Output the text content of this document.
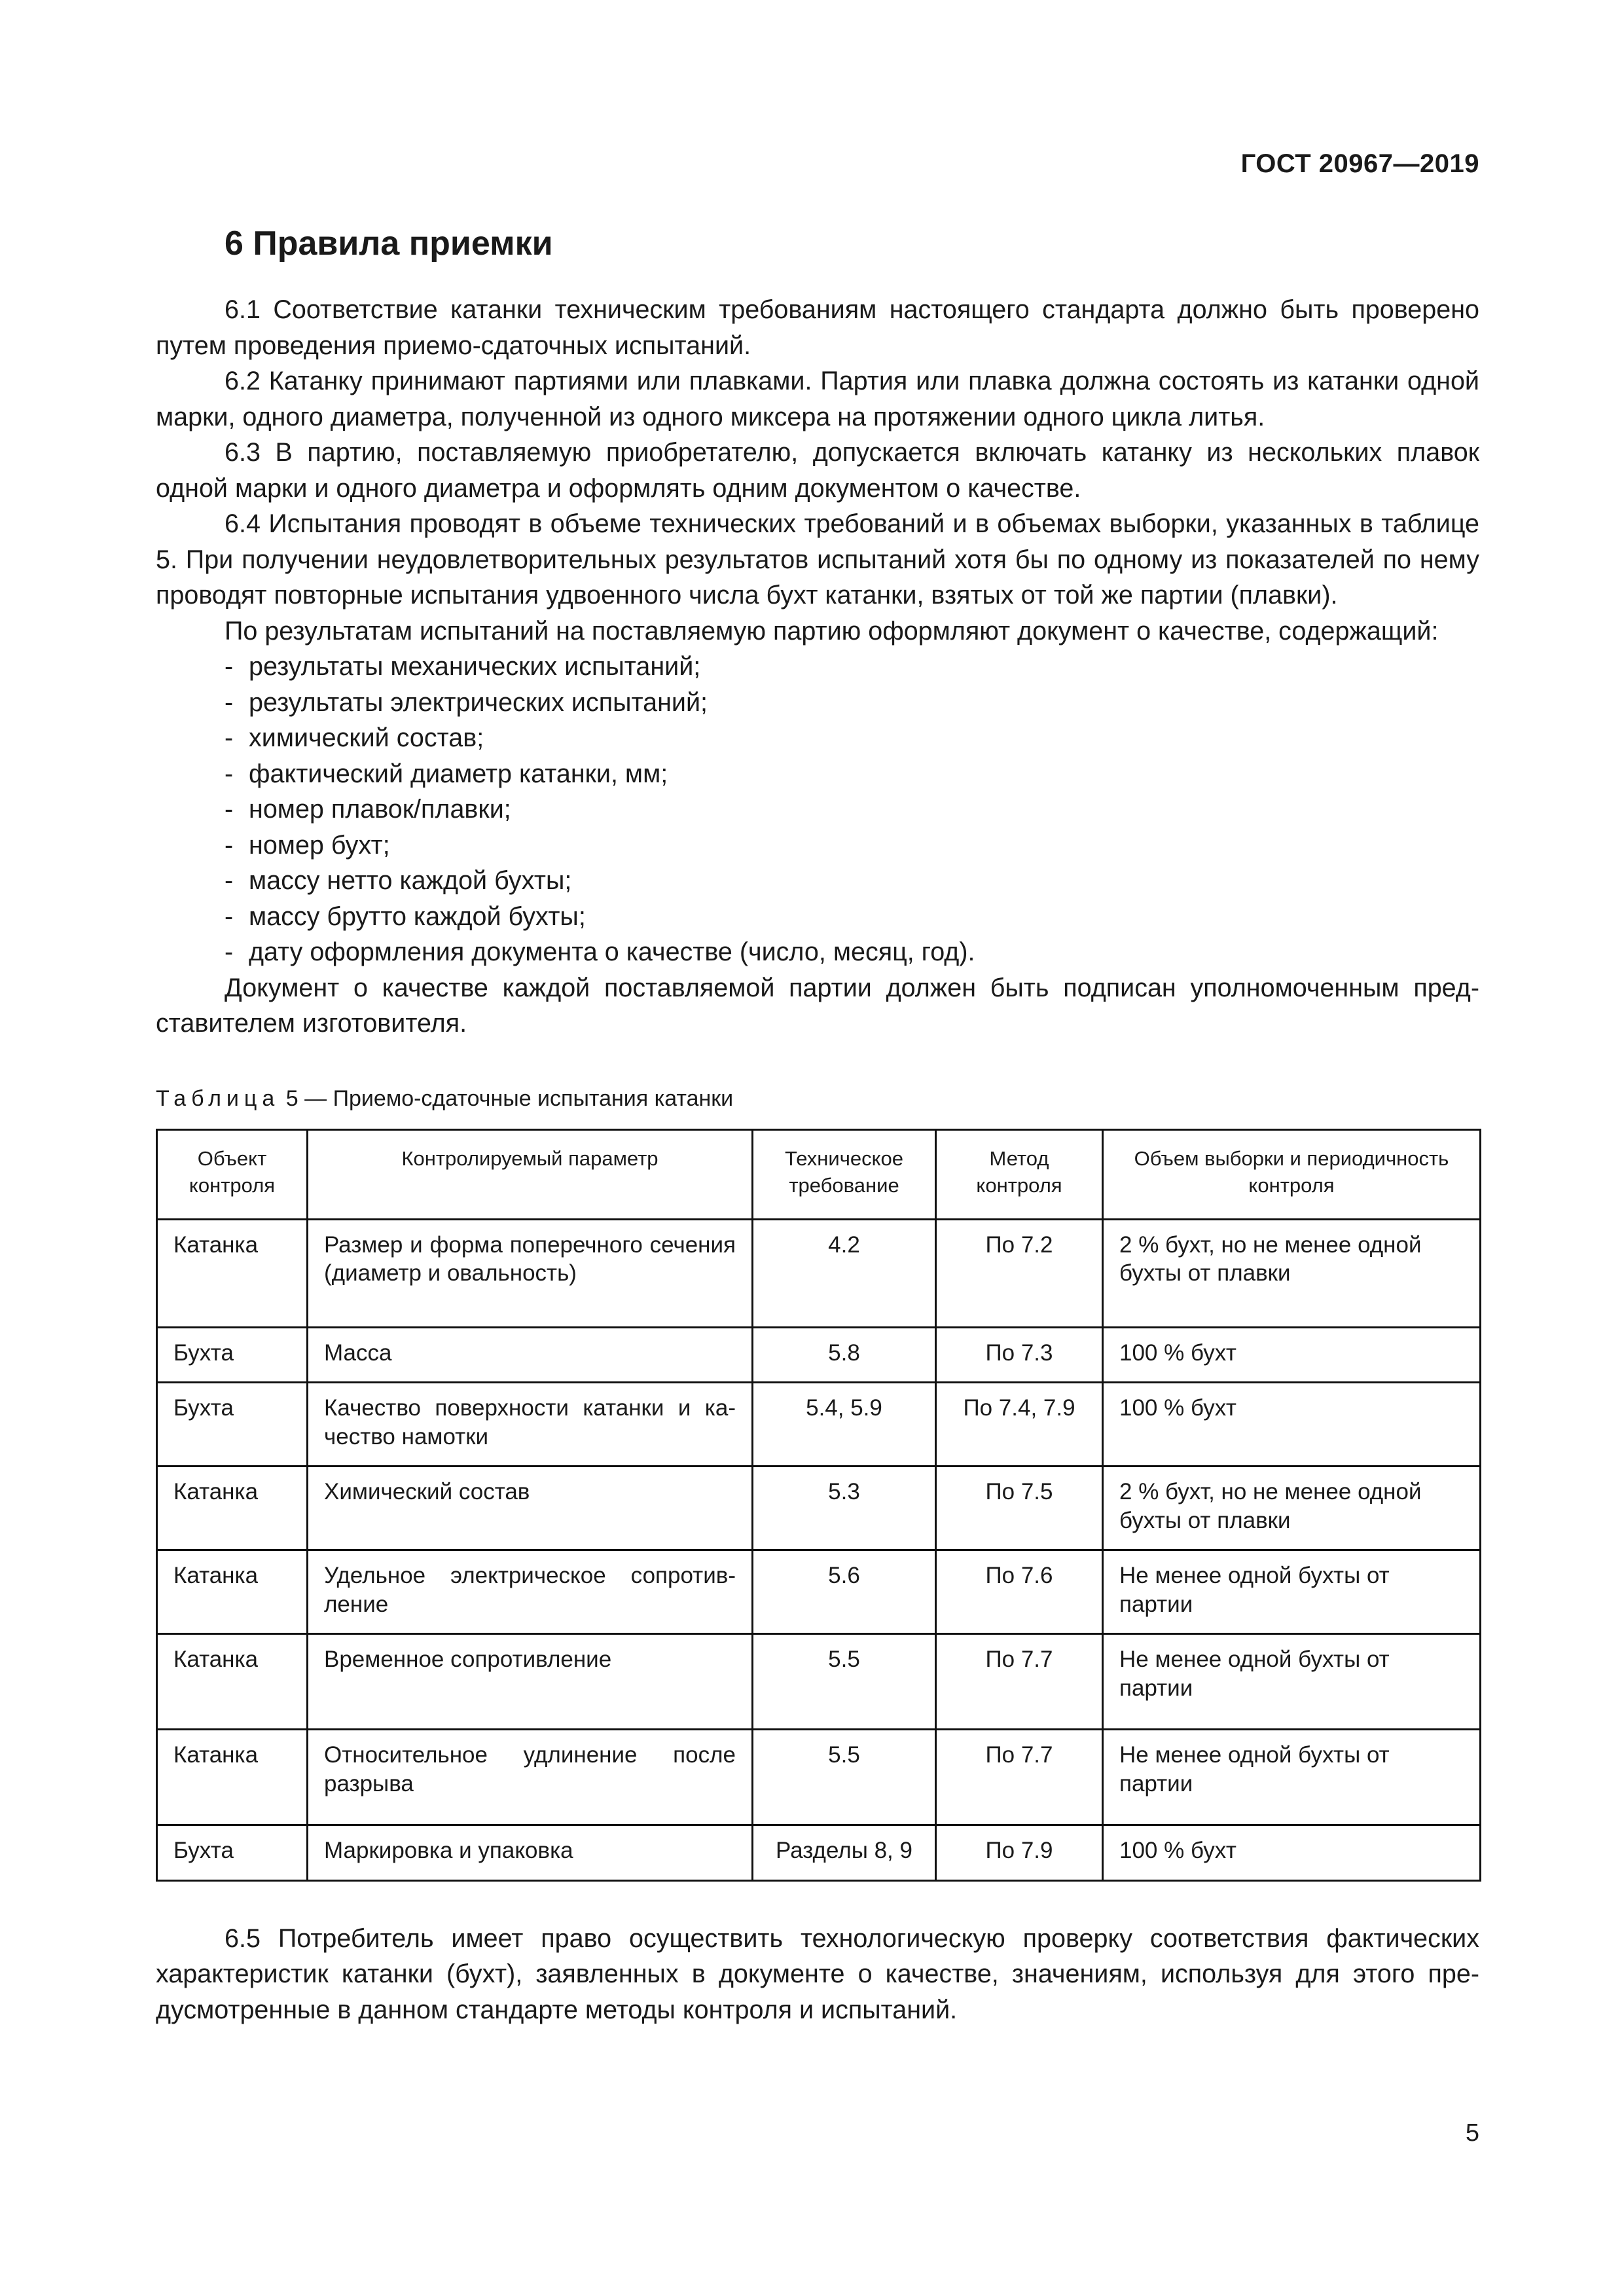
ГОСТ 20967—2019
6 Правила приемки

6.1 Соответствие катанки техническим требованиям настоящего стандарта должно быть проверено путем проведения приемо-сдаточных испытаний.

6.2 Катанку принимают партиями или плавками. Партия или плавка должна состоять из катанки одной марки, одного диаметра, полученной из одного миксера на протяжении одного цикла литья.

6.3 В партию, поставляемую приобретателю, допускается включать катанку из нескольких плавок одной марки и одного диаметра и оформлять одним документом о качестве.

6.4 Испытания проводят в объеме технических требований и в объемах выборки, указанных в таблице 5. При получении неудовлетворительных результатов испытаний хотя бы по одному из показателей по нему проводят повторные испытания удвоенного числа бухт катанки, взятых от той же партии (плавки).

По результатам испытаний на поставляемую партию оформляют документ о качестве, содержащий:

- результаты механических испытаний;
- результаты электрических испытаний;
- химический состав;
- фактический диаметр катанки, мм;
- номер плавок/плавки;
- номер бухт;
- массу нетто каждой бухты;
- массу брутто каждой бухты;
- дату оформления документа о качестве (число, месяц, год).

Документ о качестве каждой поставляемой партии должен быть подписан уполномоченным представителем изготовителя.

Таблица 5 — Приемо-сдаточные испытания катанки
Объект контроля	Контролируемый параметр	Техническое требование	Метод контроля	Объем выборки и периодичность контроля
Катанка	Размер и форма поперечного сечения (диаметр и овальность)	4.2	По 7.2	2 % бухт, но не менее одной бухты от плавки
Бухта	Масса	5.8	По 7.3	100 % бухт
Бухта	Качество поверхности катанки и качество намотки	5.4, 5.9	По 7.4, 7.9	100 % бухт
Катанка	Химический состав	5.3	По 7.5	2 % бухт, но не менее одной бухты от плавки
Катанка	Удельное электрическое сопротивление	5.6	По 7.6	Не менее одной бухты от партии
Катанка	Временное сопротивление	5.5	По 7.7	Не менее одной бухты от партии
Катанка	Относительное удлинение после разрыва	5.5	По 7.7	Не менее одной бухты от партии
Бухта	Маркировка и упаковка	Разделы 8, 9	По 7.9	100 % бухт

6.5 Потребитель имеет право осуществить технологическую проверку соответствия фактических характеристик катанки (бухт), заявленных в документе о качестве, значениям, используя для этого предусмотренные в данном стандарте методы контроля и испытаний.

5
